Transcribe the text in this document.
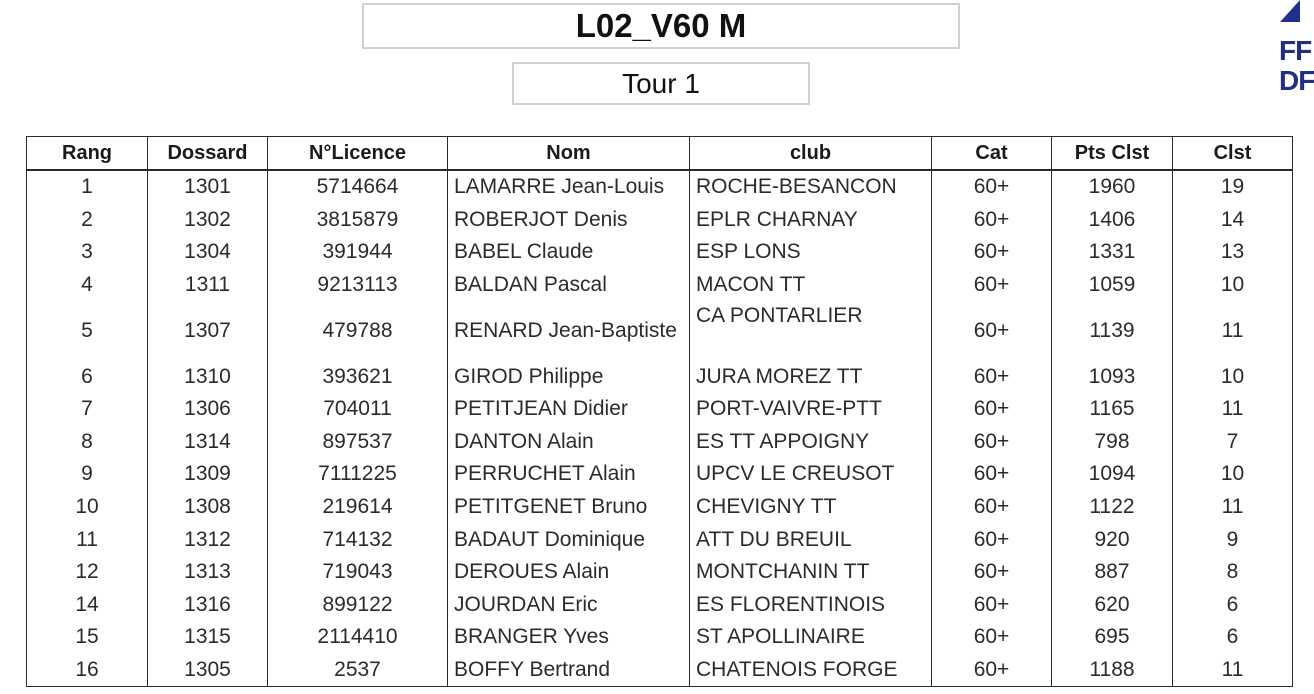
L02_V60 M
Tour 1
FF
DF
Rang	Dossard	N°Licence	Nom	club	Cat	Pts Clst	Clst
1	1301	5714664	LAMARRE Jean-Louis	ROCHE-BESANCON	60+	1960	19
2	1302	3815879	ROBERJOT Denis	EPLR CHARNAY	60+	1406	14
3	1304	391944	BABEL Claude	ESP LONS	60+	1331	13
4	1311	9213113	BALDAN Pascal	MACON TT	60+	1059	10
5	1307	479788	RENARD Jean-Baptiste	CA PONTARLIER	60+	1139	11
6	1310	393621	GIROD Philippe	JURA MOREZ TT	60+	1093	10
7	1306	704011	PETITJEAN Didier	PORT-VAIVRE-PTT	60+	1165	11
8	1314	897537	DANTON Alain	ES TT APPOIGNY	60+	798	7
9	1309	7111225	PERRUCHET Alain	UPCV LE CREUSOT	60+	1094	10
10	1308	219614	PETITGENET Bruno	CHEVIGNY TT	60+	1122	11
11	1312	714132	BADAUT Dominique	ATT DU BREUIL	60+	920	9
12	1313	719043	DEROUES Alain	MONTCHANIN TT	60+	887	8
14	1316	899122	JOURDAN Eric	ES FLORENTINOIS	60+	620	6
15	1315	2114410	BRANGER Yves	ST APOLLINAIRE	60+	695	6
16	1305	2537	BOFFY Bertrand	CHATENOIS FORGE	60+	1188	11
